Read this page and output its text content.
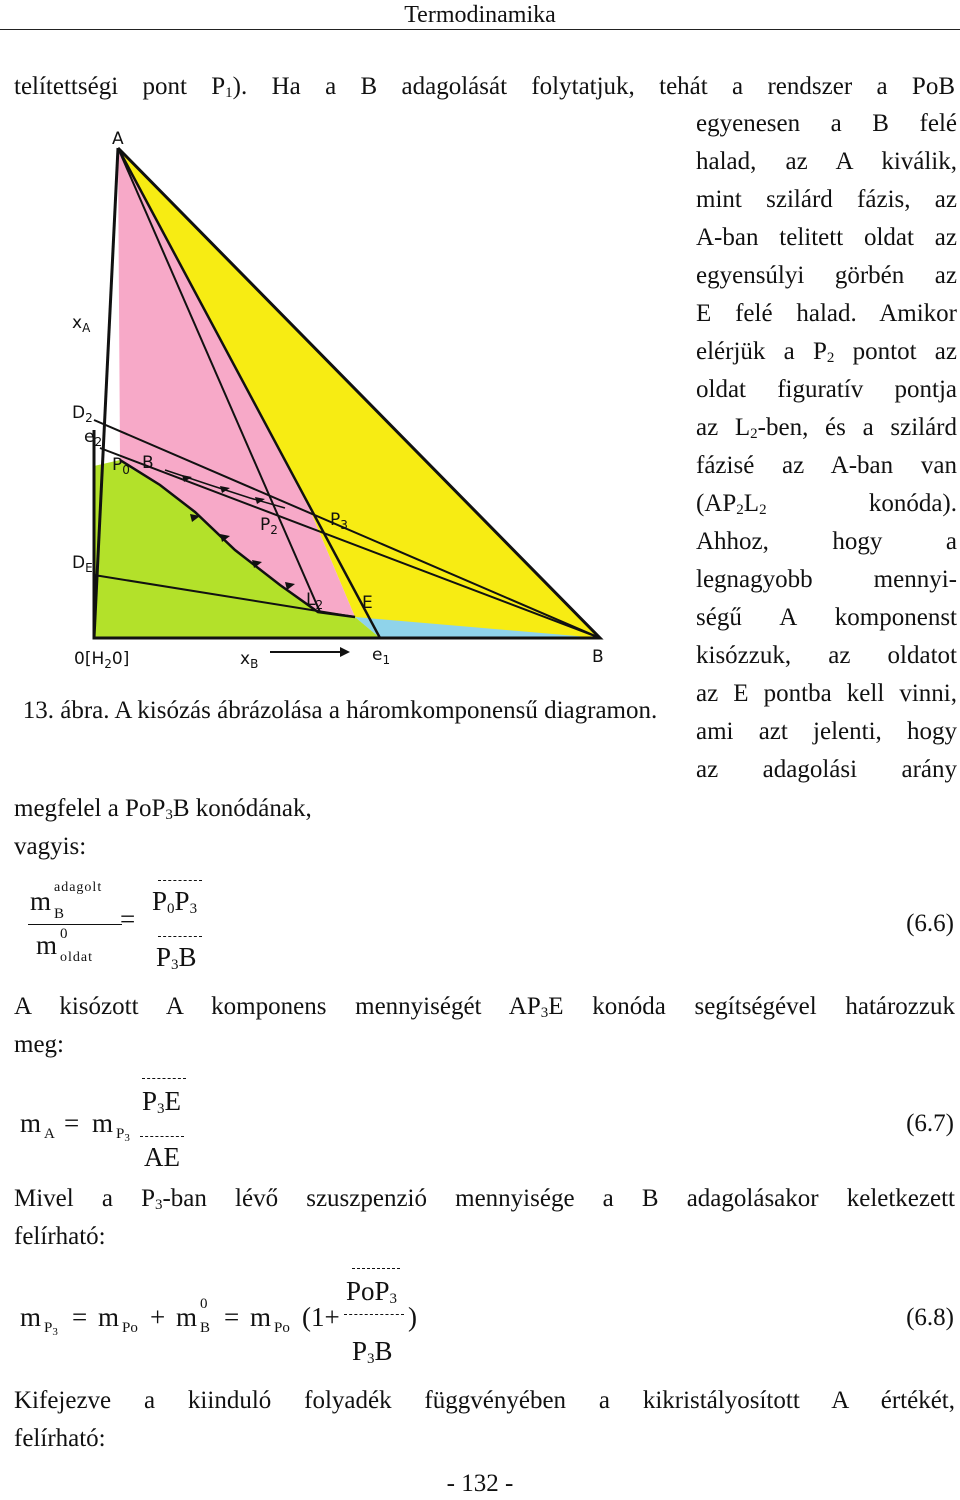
Termodinamika
telítettségi pont $P_1$). Ha a B adagolását folytatjuk, tehát a rendszer a PoB
egyenesen a B felé
halad, az A kiválik,
mint szilárd fázis, az
A-ban telitett oldat az
egyensúlyi görbén az
E felé halad. Amikor
elérjük a $P_2$ pontot az
oldat figuratív pontja
az $L_2$-ben, és a szilárd
fázisé az A-ban van
($AP_2L_2$ konóda).
Ahhoz, hogy a
legnagyobb mennyi-
ségű A komponenst
kisózzuk, az oldatot
az E pontba kell vinni,
ami azt jelenti, hogy
az adagolási arány
A
$x_A$
$D_2$
$e_2$
$P_0$ B
$P_2$	$P_3$
$D_E$
$L_2$ E
$0[H_20]$	$x_B$	$e_1$	B
13. ábra. A kisózás ábrázolása a háromkomponensű diagramon.
megfelel a PoP$_3$B konódának,
vagyis:
m adagolt
B
m 0
oldat
=
$P_0P_3$
$P_3B$
(6.6)
A kisózott A komponens mennyiségét $AP_3E$ konóda segítségével határozzuk
meg:
m A = m $P_3$
$P_3E$
AE
(6.7)
Mivel a $P_3$-ban lévő szuszpenzió mennyisége a B adagolásakor keletkezett
felírható:
m $P_3 = m$ Po + m 0
B = m Po (1+
PoP$_3$
$P_3B$
)	(6.8)
Kifejezve a kiinduló folyadék függvényében a kikristályosított A értékét,
felírható:
- 132 -
